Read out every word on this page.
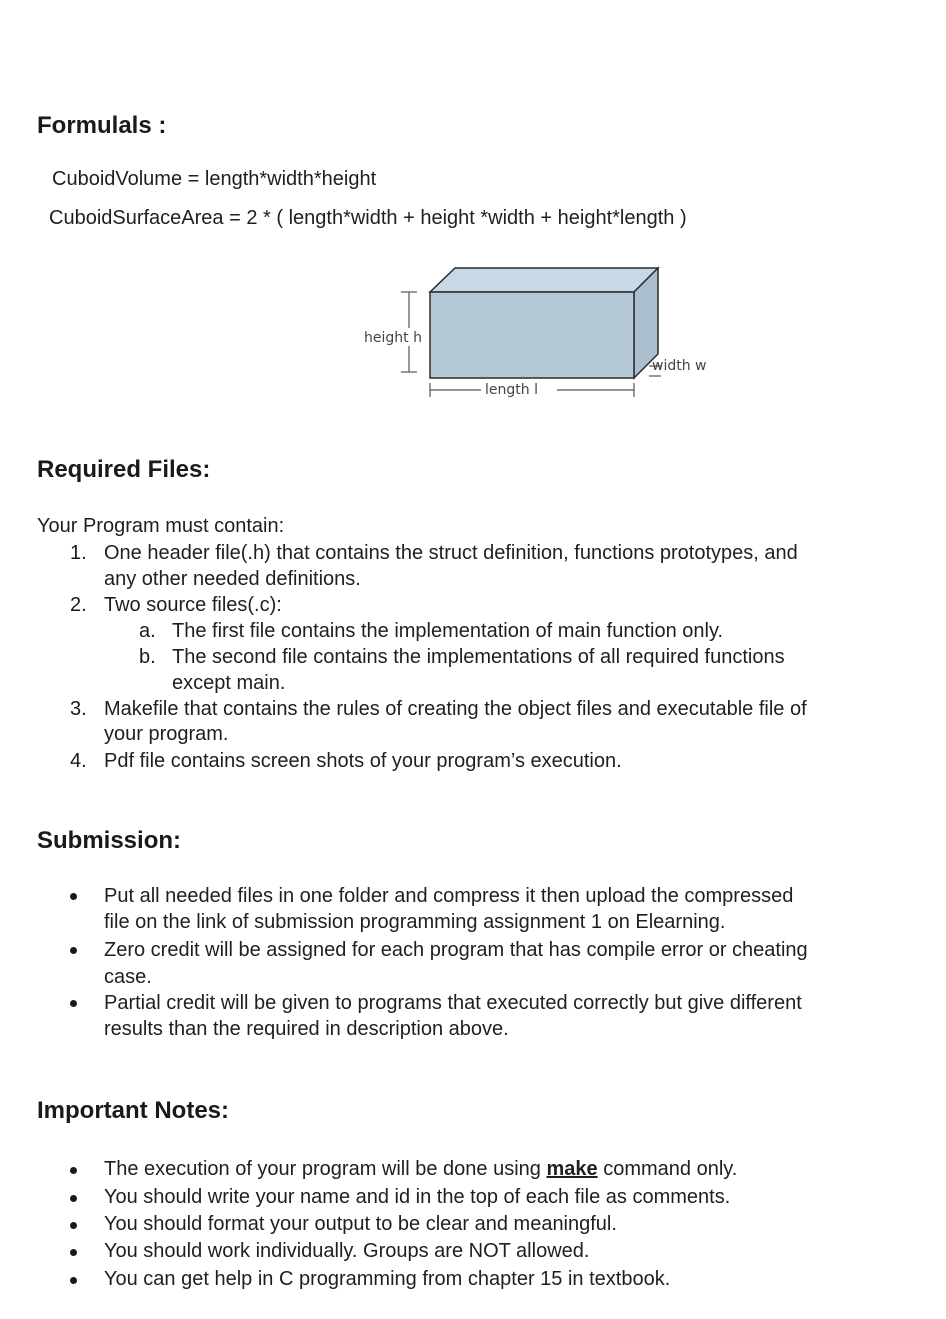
Formulals :
CuboidVolume = length*width*height
CuboidSurfaceArea = 2 * ( length*width + height *width + height*length )
height h
length l
width w
Required Files:
Your Program must contain:
1. One header file(.h) that contains the struct definition, functions prototypes, and
any other needed definitions.
2. Two source files(.c):
a. The first file contains the implementation of main function only.
b. The second file contains the implementations of all required functions
except main.
3. Makefile that contains the rules of creating the object files and executable file of
your program.
4. Pdf file contains screen shots of your program’s execution.
Submission:
Put all needed files in one folder and compress it then upload the compressed
file on the link of submission programming assignment 1 on Elearning.
Zero credit will be assigned for each program that has compile error or cheating
case.
Partial credit will be given to programs that executed correctly but give different
results than the required in description above.
Important Notes:
The execution of your program will be done using make command only.
You should write your name and id in the top of each file as comments.
You should format your output to be clear and meaningful.
You should work individually. Groups are NOT allowed.
You can get help in C programming from chapter 15 in textbook.
